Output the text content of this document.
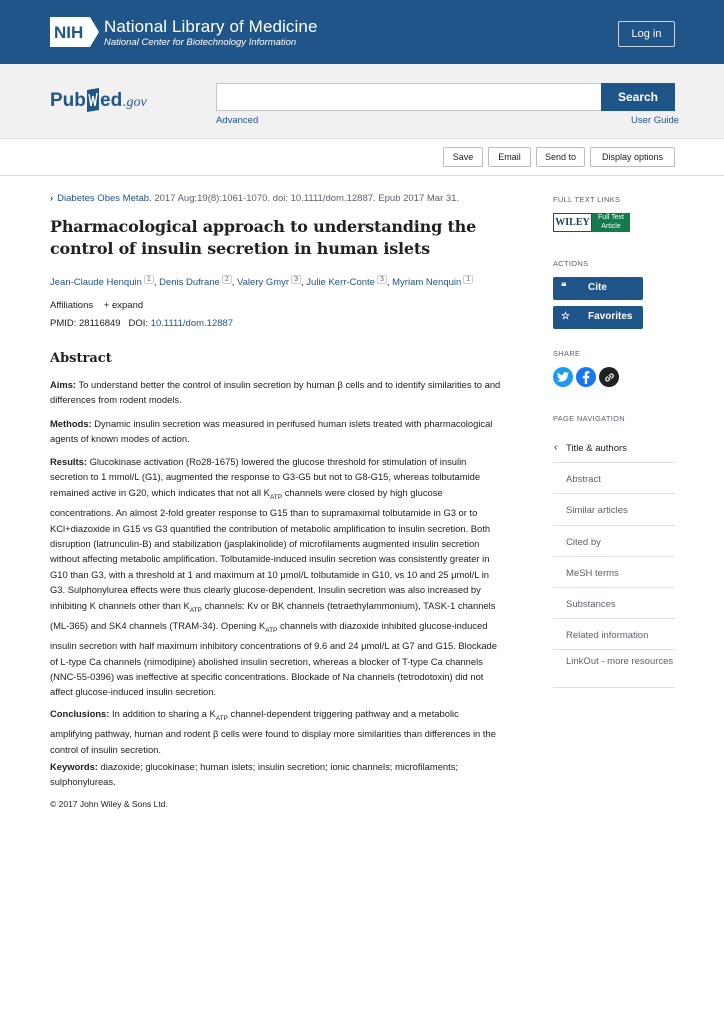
NIH National Library of Medicine
National Center for Biotechnology Information
Log in
Pub ed .gov	Search
Advanced	User Guide
Save	Email	Send to	Display options
› Diabetes Obes Metab. 2017 Aug;19(8):1061-1070. doi: 10.1111/dom.12887. Epub 2017 Mar 31.
Pharmacological approach to understanding the control of insulin secretion in human islets
Jean-Claude Henquin $^1$ , Denis Dufrane $^2$ , Valery Gmyr $^3$ , Julie Kerr-Conte $^3$ , Myriam Nenquin $^1$
Affiliations + expand
PMID: 28116849 DOI: 10.1111/dom.12887
Abstract

Aims: To understand better the control of insulin secretion by human β cells and to identify similarities to and differences from rodent models.

Methods: Dynamic insulin secretion was measured in perifused human islets treated with pharmacological agents of known modes of action.

Results: Glucokinase activation (Ro28-1675) lowered the glucose threshold for stimulation of insulin secretion to 1 mmol/L (G1), augmented the response to G3-G5 but not to G8-G15, whereas tolbutamide remained active in G20, which indicates that not all $K_{ATP}$ channels were closed by high glucose concentrations. An almost 2-fold greater response to G15 than to supramaximal tolbutamide in G3 or to KCl+diazoxide in G15 vs G3 quantified the contribution of metabolic amplification to insulin secretion. Both disruption (latrunculin-B) and stabilization (jasplakinolide) of microfilaments augmented insulin secretion without affecting metabolic amplification. Tolbutamide-induced insulin secretion was consistently greater in G10 than G3, with a threshold at 1 and maximum at 10 μmol/L tolbutamide in G10, vs 10 and 25 μmol/L in G3. Sulphonylurea effects were thus clearly glucose-dependent. Insulin secretion was also increased by inhibiting K channels other than $K_{ATP}$ channels: Kv or BK channels (tetraethylammonium), TASK-1 channels (ML-365) and SK4 channels (TRAM-34). Opening $K_{ATP}$ channels with diazoxide inhibited glucose-induced insulin secretion with half maximum inhibitory concentrations of 9.6 and 24 μmol/L at G7 and G15. Blockade of L-type Ca channels (nimodipine) abolished insulin secretion, whereas a blocker of T-type Ca channels (NNC-55-0396) was ineffective at specific concentrations. Blockade of Na channels (tetrodotoxin) did not affect glucose-induced insulin secretion.

Conclusions: In addition to sharing a $K_{ATP}$ channel-dependent triggering pathway and a metabolic amplifying pathway, human and rodent β cells were found to display more similarities than differences in the control of insulin secretion.

Keywords: diazoxide; glucokinase; human islets; insulin secretion; ionic channels; microfilaments; sulphonylureas.

© 2017 John Wiley & Sons Ltd.
FULL TEXT LINKS
WILEY	Full Text
Article
ACTIONS
❝ Cite
☆ Favorites
SHARE
PAGE NAVIGATION
‹ Title & authors
Abstract
Similar articles
Cited by
MeSH terms
Substances
Related information
LinkOut - more resources
